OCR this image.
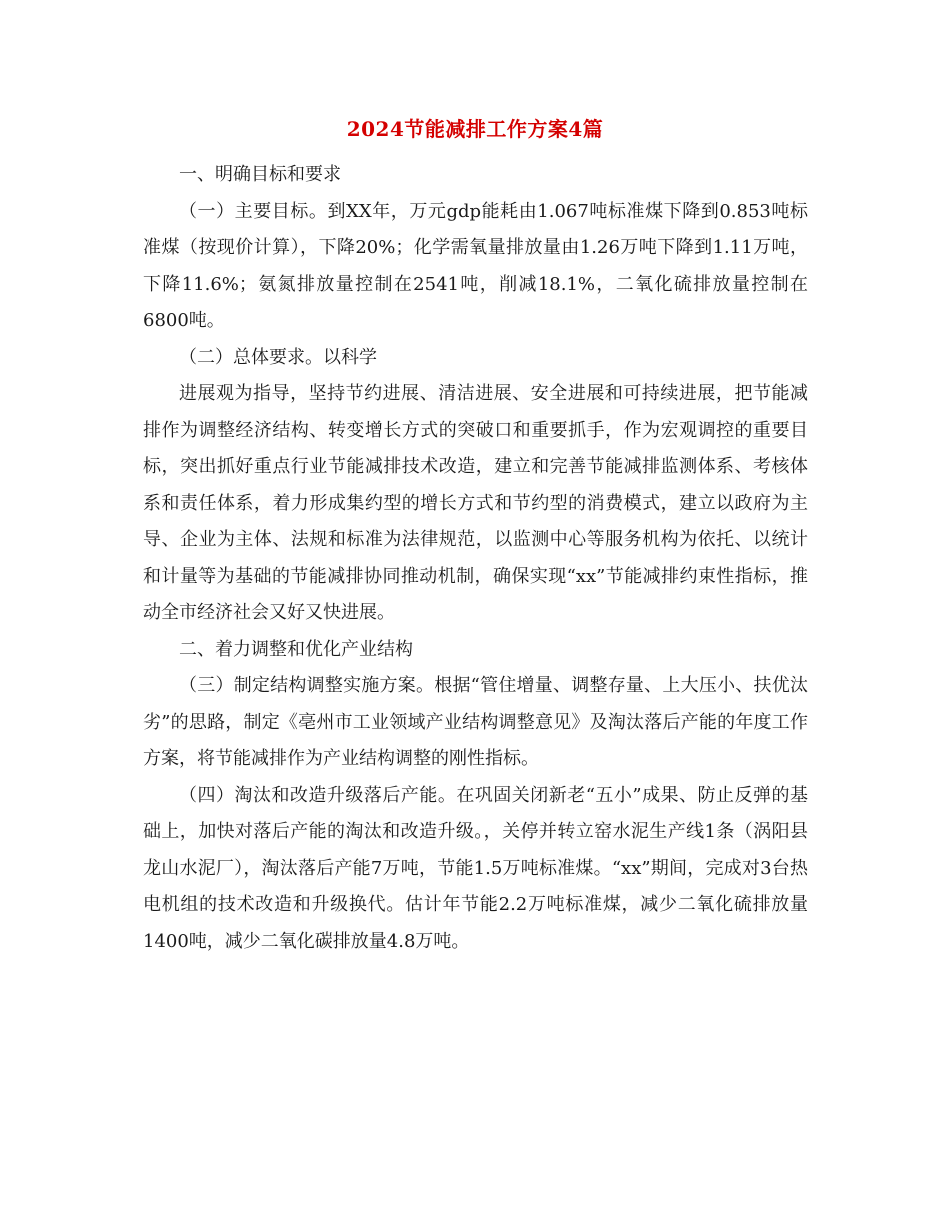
2024节能减排工作方案4篇

一、明确目标和要求

（一）主要目标。到XX年，万元gdp能耗由1.067吨标准煤下降到0.853吨标准煤（按现价计算），下降20%；化学需氧量排放量由1.26万吨下降到1.11万吨，下降11.6%；氨氮排放量控制在2541吨，削减18.1%，二氧化硫排放量控制在6800吨。

（二）总体要求。以科学

进展观为指导，坚持节约进展、清洁进展、安全进展和可持续进展，把节能减排作为调整经济结构、转变增长方式的突破口和重要抓手，作为宏观调控的重要目标，突出抓好重点行业节能减排技术改造，建立和完善节能减排监测体系、考核体系和责任体系，着力形成集约型的增长方式和节约型的消费模式，建立以政府为主导、企业为主体、法规和标准为法律规范，以监测中心等服务机构为依托、以统计和计量等为基础的节能减排协同推动机制，确保实现“xx”节能减排约束性指标，推动全市经济社会又好又快进展。

二、着力调整和优化产业结构

（三）制定结构调整实施方案。根据“管住增量、调整存量、上大压小、扶优汰劣”的思路，制定《亳州市工业领域产业结构调整意见》及淘汰落后产能的年度工作方案，将节能减排作为产业结构调整的刚性指标。

（四）淘汰和改造升级落后产能。在巩固关闭新老“五小”成果、防止反弹的基础上，加快对落后产能的淘汰和改造升级。，关停并转立窑水泥生产线1条（涡阳县龙山水泥厂），淘汰落后产能7万吨，节能1.5万吨标准煤。“xx”期间，完成对3台热电机组的技术改造和升级换代。估计年节能2.2万吨标准煤，减少二氧化硫排放量1400吨，减少二氧化碳排放量4.8万吨。
